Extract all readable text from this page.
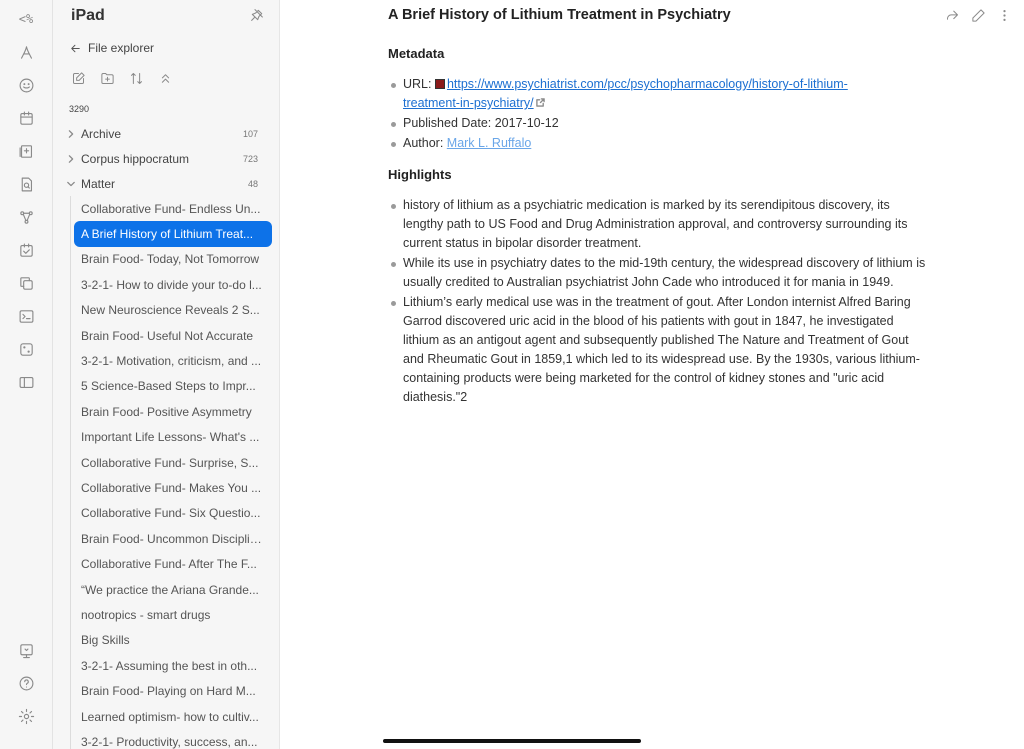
<% iPad
File explorer
3290
Archive	107
Corpus hippocratum	723
Matter	48
Collaborative Fund- Endless Un...
A Brief History of Lithium Treat...
Brain Food- Today, Not Tomorrow
3-2-1- How to divide your to-do l...
New Neuroscience Reveals 2 S...
Brain Food- Useful Not Accurate
3-2-1- Motivation, criticism, and ...
5 Science-Based Steps to Impr...
Brain Food- Positive Asymmetry
Important Life Lessons- What's ...
Collaborative Fund- Surprise, S...
Collaborative Fund- Makes You ...
Collaborative Fund- Six Questio...
Brain Food- Uncommon Discipline
Collaborative Fund- After The F...
“We practice the Ariana Grande...
nootropics - smart drugs
Big Skills
3-2-1- Assuming the best in oth...
Brain Food- Playing on Hard M...
Learned optimism- how to cultiv...
3-2-1- Productivity, success, an...
A Brief History of Lithium Treatment in Psychiatry
Metadata
URL: https://www.psychiatrist.com/pcc/psychopharmacology/history-of-lithium-
treatment-in-psychiatry/
Published Date: 2017-10-12
Author: Mark L. Ruffalo
Highlights
history of lithium as a psychiatric medication is marked by its serendipitous discovery, its lengthy path to US Food and Drug Administration approval, and controversy surrounding its current status in bipolar disorder treatment.
While its use in psychiatry dates to the mid-19th century, the widespread discovery of lithium is usually credited to Australian psychiatrist John Cade who introduced it for mania in 1949.
Lithium’s early medical use was in the treatment of gout. After London internist Alfred Baring Garrod discovered uric acid in the blood of his patients with gout in 1847, he investigated lithium as an antigout agent and subsequently published The Nature and Treatment of Gout and Rheumatic Gout in 1859,1 which led to its widespread use. By the 1930s, various lithium-containing products were being marketed for the control of kidney stones and "uric acid diathesis."2
